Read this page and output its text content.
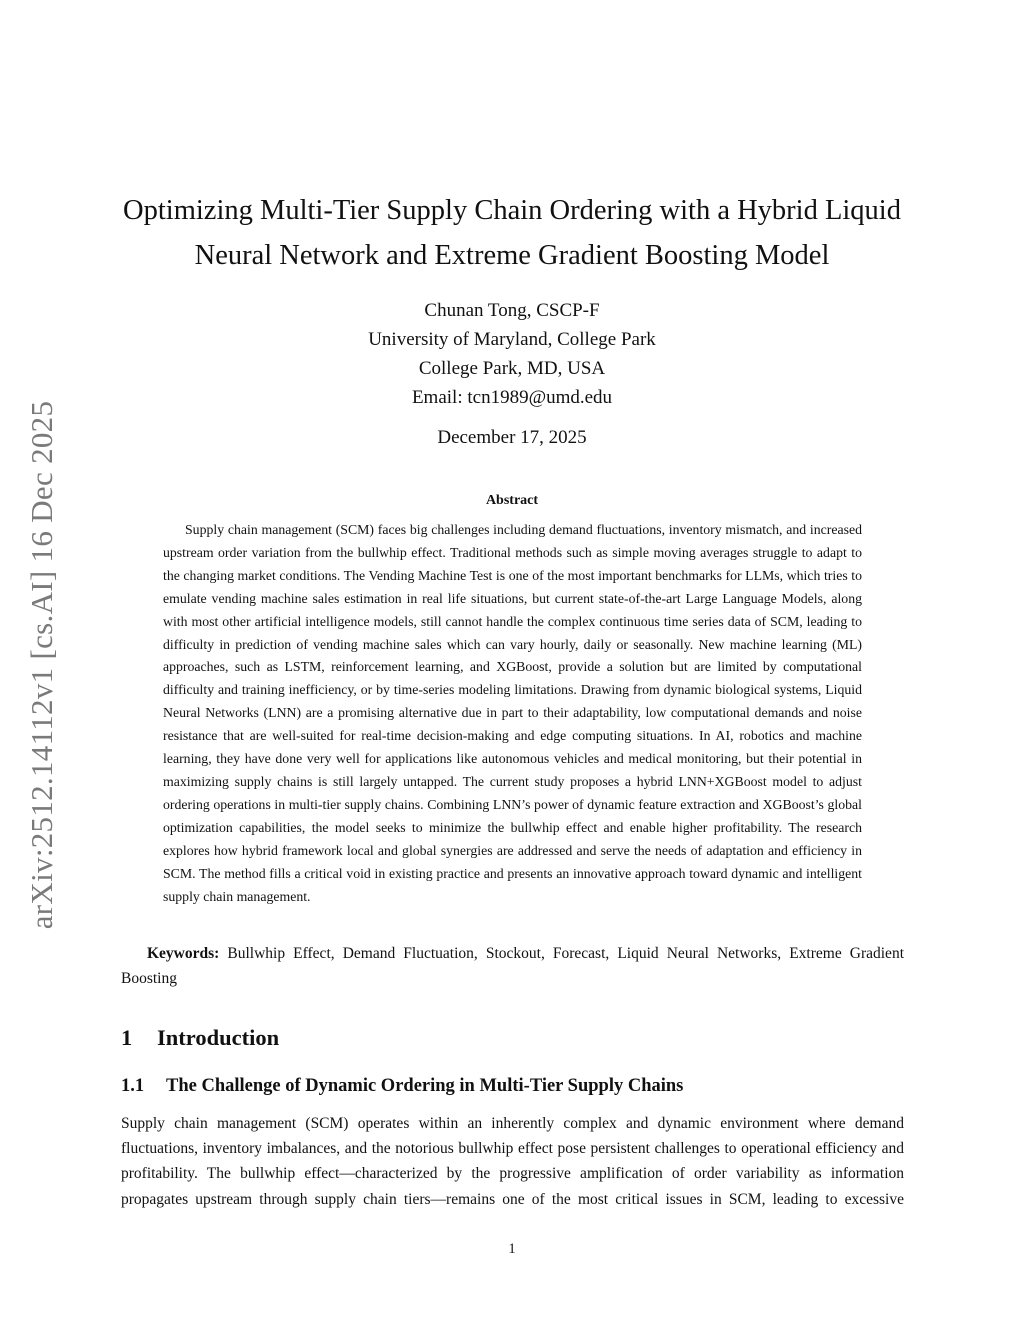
arXiv:2512.14112v1 [cs.AI] 16 Dec 2025
Optimizing Multi-Tier Supply Chain Ordering with a Hybrid Liquid
Neural Network and Extreme Gradient Boosting Model
Chunan Tong, CSCP-F
University of Maryland, College Park
College Park, MD, USA
Email: tcn1989@umd.edu
December 17, 2025
Abstract

Supply chain management (SCM) faces big challenges including demand fluctuations, inventory mismatch, and increased upstream order variation from the bullwhip effect. Traditional methods such as simple moving averages struggle to adapt to the changing market conditions. The Vending Machine Test is one of the most important benchmarks for LLMs, which tries to emulate vending machine sales estimation in real life situations, but current state-of-the-art Large Language Models, along with most other artificial intelligence models, still cannot handle the complex continuous time series data of SCM, leading to difficulty in prediction of vending machine sales which can vary hourly, daily or seasonally. New machine learning (ML) approaches, such as LSTM, reinforcement learning, and XGBoost, provide a solution but are limited by computational difficulty and training inefficiency, or by time-series modeling limitations. Drawing from dynamic biological systems, Liquid Neural Networks (LNN) are a promising alternative due in part to their adaptability, low computational demands and noise resistance that are well-suited for real-time decision-making and edge computing situations. In AI, robotics and machine learning, they have done very well for applications like autonomous vehicles and medical monitoring, but their potential in maximizing supply chains is still largely untapped. The current study proposes a hybrid LNN+XGBoost model to adjust ordering operations in multi-tier supply chains. Combining LNN’s power of dynamic feature extraction and XGBoost’s global optimization capabilities, the model seeks to minimize the bullwhip effect and enable higher profitability. The research explores how hybrid framework local and global synergies are addressed and serve the needs of adaptation and efficiency in SCM. The method fills a critical void in existing practice and presents an innovative approach toward dynamic and intelligent supply chain management.

Keywords: Bullwhip Effect, Demand Fluctuation, Stockout, Forecast, Liquid Neural Networks, Extreme Gradient Boosting

1 Introduction
1.1 The Challenge of Dynamic Ordering in Multi-Tier Supply Chains

Supply chain management (SCM) operates within an inherently complex and dynamic environment where demand fluctuations, inventory imbalances, and the notorious bullwhip effect pose persistent challenges to operational efficiency and profitability. The bullwhip effect—characterized by the progressive amplification of order variability as information propagates upstream through supply chain tiers—remains one of the most critical issues in SCM, leading to excessive

1
